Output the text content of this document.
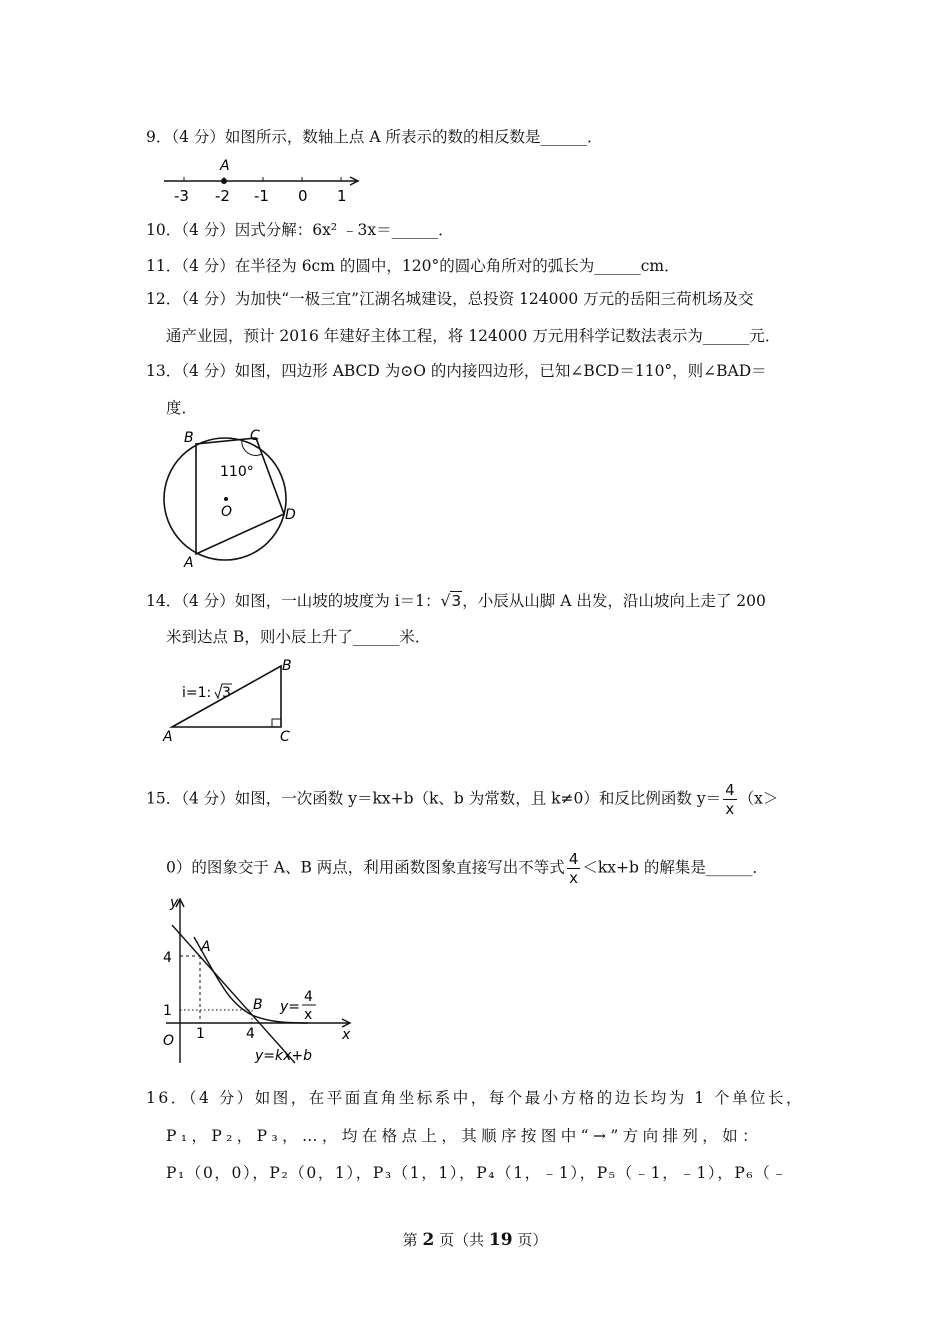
9．（4 分）如图所示，数轴上点 A 所表示的数的相反数是______．
A
-3 -2 -1 0 1
10．（4 分）因式分解：6x² ﹣3x＝______．
11．（4 分）在半径为 6cm 的圆中，120°的圆心角所对的弧长为______cm．
12．（4 分）为加快“一极三宜”江湖名城建设，总投资 124000 万元的岳阳三荷机场及交
通产业园，预计 2016 年建好主体工程，将 124000 万元用科学记数法表示为______元．
13．（4 分）如图，四边形 ABCD 为⊙O 的内接四边形，已知∠BCD＝110°，则∠BAD＝
度．
110°
O
B	C
D
A
14．（4 分）如图，一山坡的坡度为 i＝1：√3，小辰从山脚 A 出发，沿山坡向上走了 200
米到达点 B，则小辰上升了______米．
i=1: 3
A
B
C
15．（4 分）如图，一次函数 y＝kx+b（k、b 为常数，且 k≠0）和反比例函数 $y= \frac{4}{x} (x>$
0）的图象交于 A、B 两点，利用函数图象直接写出不等式 $\frac{4}{x} <kx+b$ 的解集是______．
y
x
O
A
B
4
1
1	4
y=
4
x
y=kx+b
16．（4 分）如图，在平面直角坐标系中，每个最小方格的边长均为 1 个单位长，
P₁，P₂，P₃，…，均在格点上，其顺序按图中“→”方向排列，如：
P₁（0，0），P₂（0，1），P₃（1，1），P₄（1，﹣1），P₅（﹣1，﹣1），P₆（﹣
第 2 页（共 19 页）
